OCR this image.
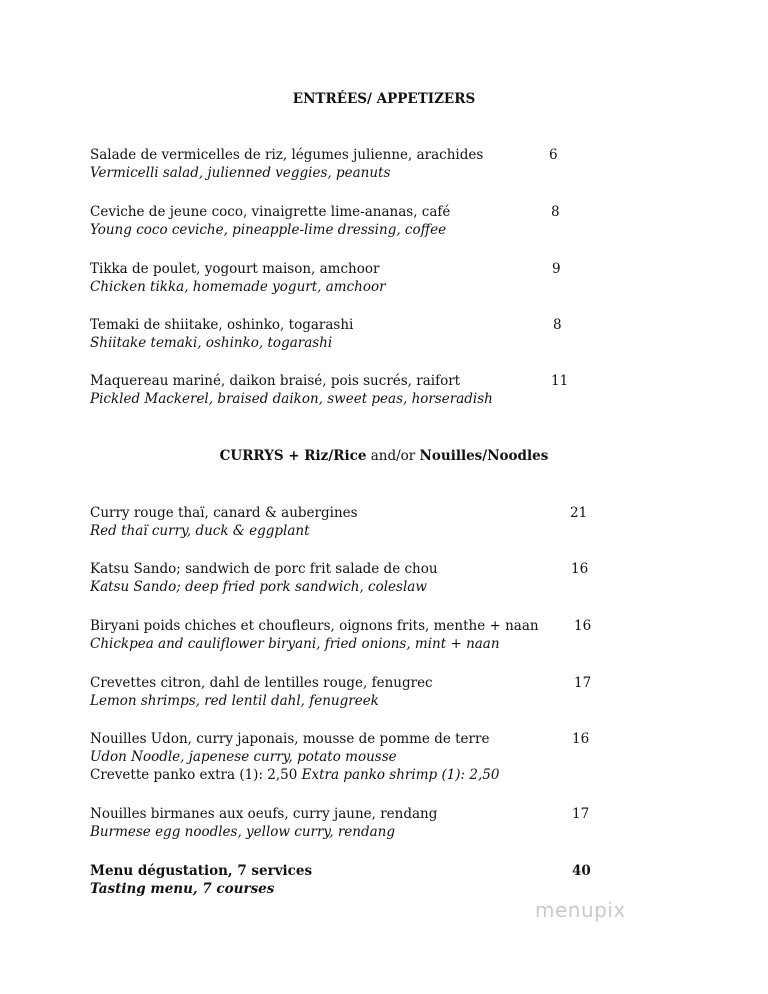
ENTRÉES/ APPETIZERS
Salade de vermicelles de riz, légumes julienne, arachides
Vermicelli salad, julienned veggies, peanuts
6
Ceviche de jeune coco, vinaigrette lime-ananas, café
Young coco ceviche, pineapple-lime dressing, coffee
8
Tikka de poulet, yogourt maison, amchoor
Chicken tikka, homemade yogurt, amchoor
9
Temaki de shiitake, oshinko, togarashi
Shiitake temaki, oshinko, togarashi
8
Maquereau mariné, daikon braisé, pois sucrés, raifort
Pickled Mackerel, braised daikon, sweet peas, horseradish
11
CURRYS + Riz/Rice and/or Nouilles/Noodles
Curry rouge thaï, canard & aubergines
Red thaï curry, duck & eggplant
21
Katsu Sando; sandwich de porc frit salade de chou
Katsu Sando; deep fried pork sandwich, coleslaw
16
Biryani poids chiches et choufleurs, oignons frits, menthe + naan
Chickpea and cauliflower biryani, fried onions, mint + naan
16
Crevettes citron, dahl de lentilles rouge, fenugrec
Lemon shrimps, red lentil dahl, fenugreek
17
Nouilles Udon, curry japonais, mousse de pomme de terre
Udon Noodle, japenese curry, potato mousse
Crevette panko extra (1): 2,50 Extra panko shrimp (1): 2,50
16
Nouilles birmanes aux oeufs, curry jaune, rendang
Burmese egg noodles, yellow curry, rendang
17
Menu dégustation, 7 services
Tasting menu, 7 courses
40
menupix
